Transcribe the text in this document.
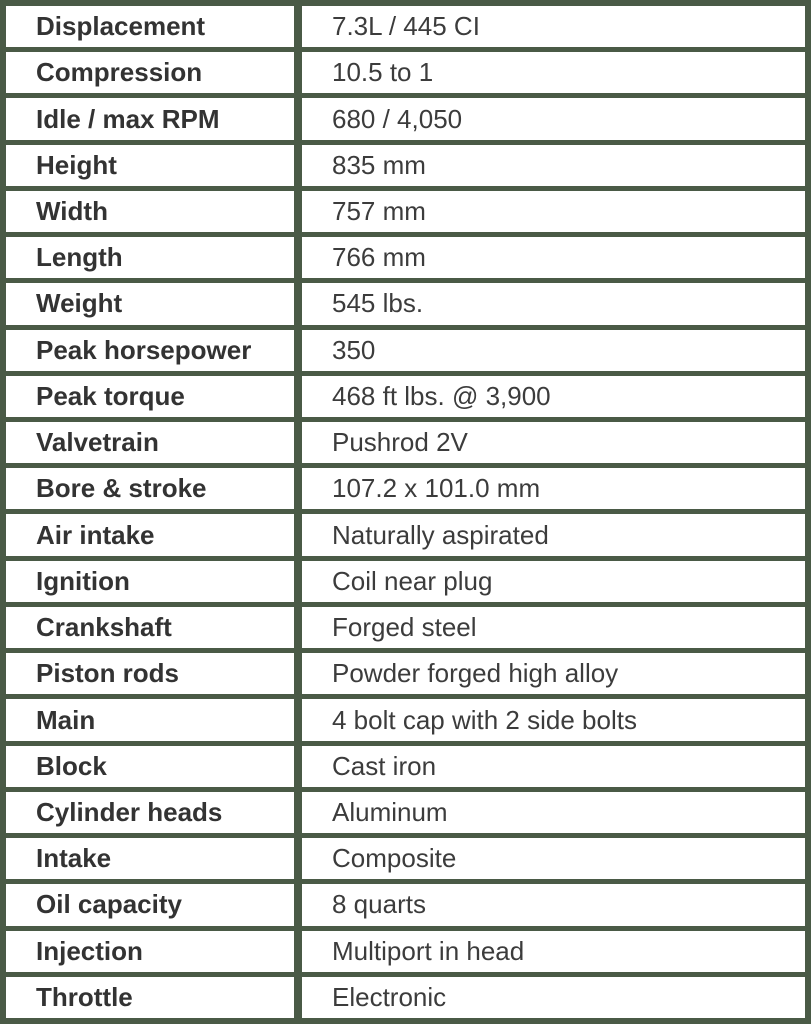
Displacement	7.3L / 445 CI
Compression	10.5 to 1
Idle / max RPM	680 / 4,050
Height	835 mm
Width	757 mm
Length	766 mm
Weight	545 lbs.
Peak horsepower	350
Peak torque	468 ft lbs. @ 3,900
Valvetrain	Pushrod 2V
Bore & stroke	107.2 x 101.0 mm
Air intake	Naturally aspirated
Ignition	Coil near plug
Crankshaft	Forged steel
Piston rods	Powder forged high alloy
Main	4 bolt cap with 2 side bolts
Block	Cast iron
Cylinder heads	Aluminum
Intake	Composite
Oil capacity	8 quarts
Injection	Multiport in head
Throttle	Electronic
